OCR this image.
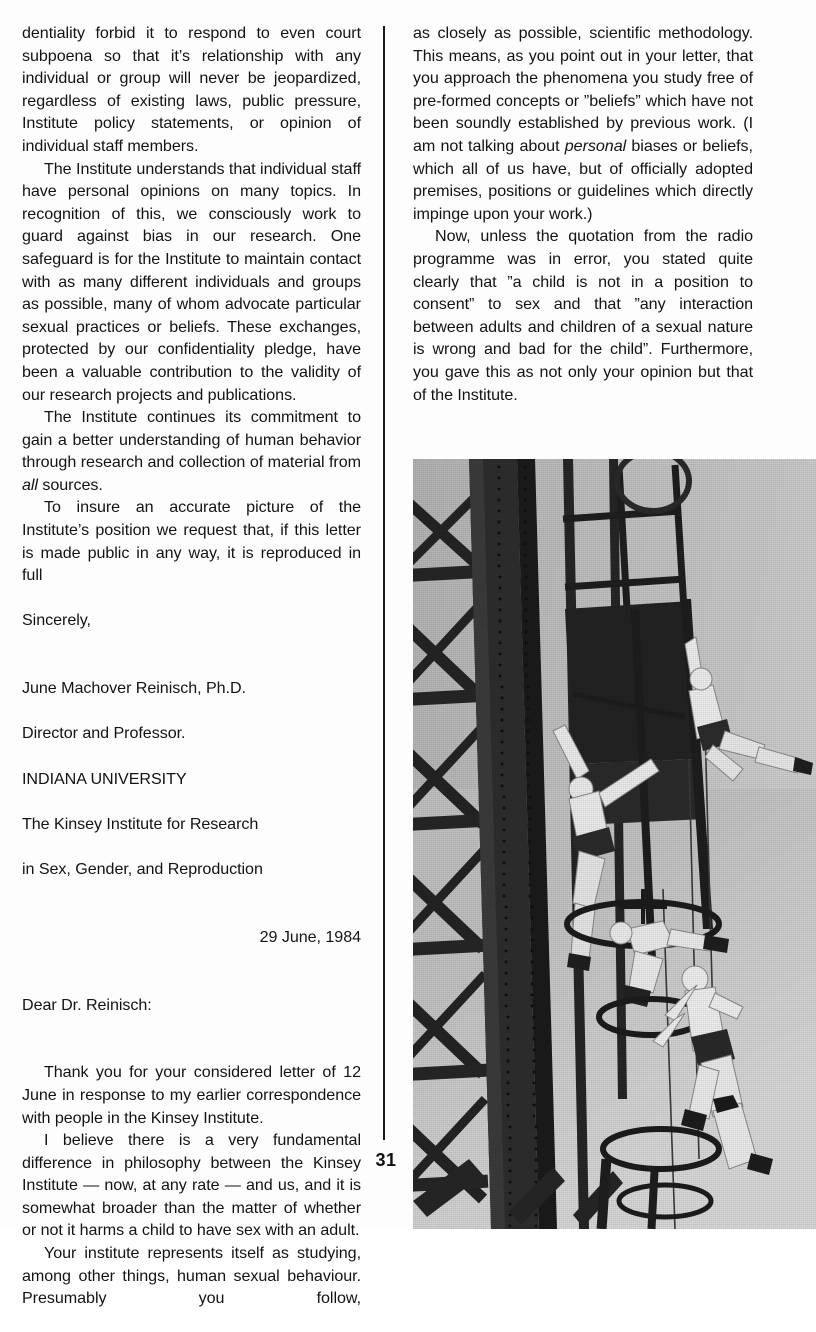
dentiality forbid it to respond to even court subpoena so that it’s relationship with any individual or group will never be jeopardized, regardless of existing laws, public pressure, Institute policy statements, or opinion of individual staff members.

The Institute understands that individual staff have personal opinions on many topics. In recognition of this, we consciously work to guard against bias in our research. One safeguard is for the Institute to maintain contact with as many different individuals and groups as possible, many of whom advocate particular sexual practices or beliefs. These exchanges, protected by our confidentiality pledge, have been a valuable contribution to the validity of our research projects and publications.

The Institute continues its commitment to gain a better understanding of human behavior through research and collection of material from all sources.

To insure an accurate picture of the Institute’s position we request that, if this letter is made public in any way, it is reproduced in full

Sincerely,

June Machover Reinisch, Ph.D.

Director and Professor.

INDIANA UNIVERSITY

The Kinsey Institute for Research

in Sex, Gender, and Reproduction

29 June, 1984

Dear Dr. Reinisch:

Thank you for your considered letter of 12 June in response to my earlier correspondence with people in the Kinsey Institute.

I believe there is a very fundamental difference in philosophy between the Kinsey Institute — now, at any rate — and us, and it is somewhat broader than the matter of whether or not it harms a child to have sex with an adult.

Your institute represents itself as studying, among other things, human sexual behaviour. Presumably you follow,

as closely as possible, scientific methodology. This means, as you point out in your letter, that you approach the phenomena you study free of pre-formed concepts or ”beliefs” which have not been soundly established by previous work. (I am not talking about personal biases or beliefs, which all of us have, but of officially adopted premises, positions or guidelines which directly impinge upon your work.)

Now, unless the quotation from the radio programme was in error, you stated quite clearly that ”a child is not in a position to consent” to sex and that ”any interaction between adults and children of a sexual nature is wrong and bad for the child”. Furthermore, you gave this as not only your opinion but that of the Institute.

31
